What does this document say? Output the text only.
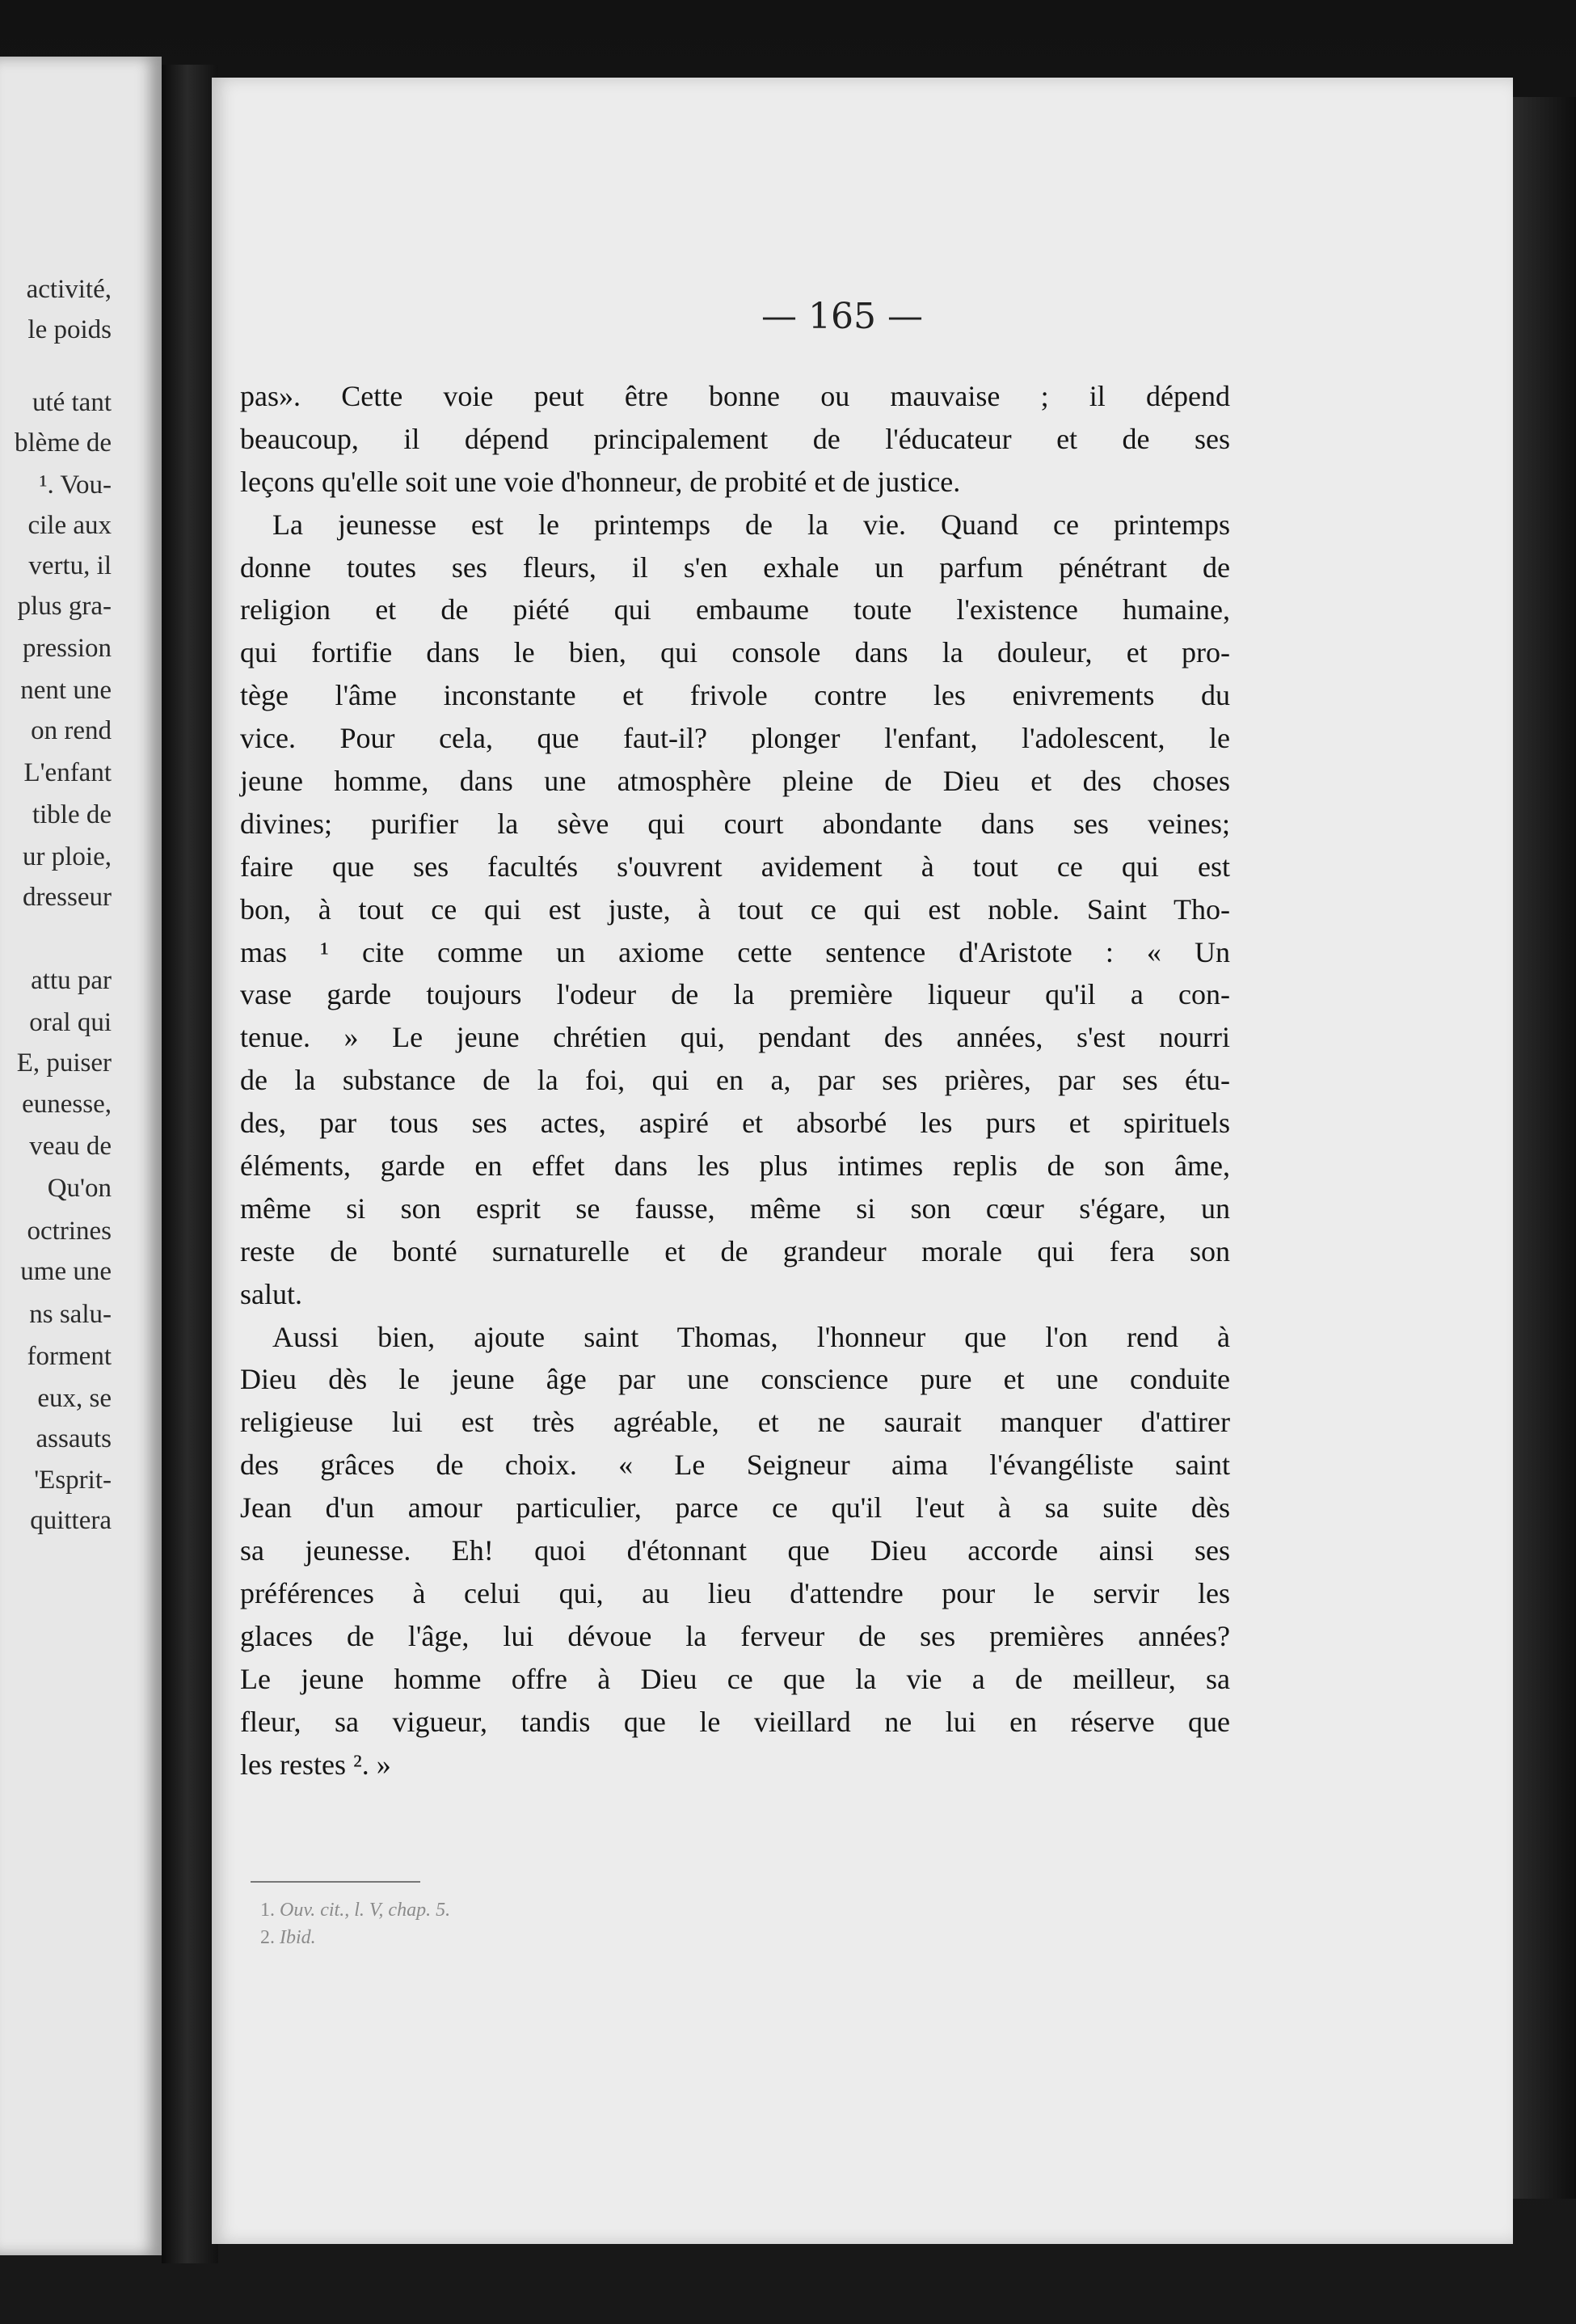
activité,
le poids
uté tant
blème de
¹. Vou-
cile aux
vertu, il
plus gra-
pression
nent une
on rend
L'enfant
tible de
ur ploie,
dresseur
attu par
oral qui
E, puiser
eunesse,
veau de
Qu'on
octrines
ume une
ns salu-
forment
eux, se
assauts
'Esprit-
quittera
— 165 —
pas». Cette voie peut être bonne ou mauvaise ; il dépend
beaucoup, il dépend principalement de l'éducateur et de ses
leçons qu'elle soit une voie d'honneur, de probité et de justice.
La jeunesse est le printemps de la vie. Quand ce printemps
donne toutes ses fleurs, il s'en exhale un parfum pénétrant de
religion et de piété qui embaume toute l'existence humaine,
qui fortifie dans le bien, qui console dans la douleur, et pro-
tège l'âme inconstante et frivole contre les enivrements du
vice. Pour cela, que faut-il? plonger l'enfant, l'adolescent, le
jeune homme, dans une atmosphère pleine de Dieu et des choses
divines; purifier la sève qui court abondante dans ses veines;
faire que ses facultés s'ouvrent avidement à tout ce qui est
bon, à tout ce qui est juste, à tout ce qui est noble. Saint Tho-
mas ¹ cite comme un axiome cette sentence d'Aristote : « Un
vase garde toujours l'odeur de la première liqueur qu'il a con-
tenue. » Le jeune chrétien qui, pendant des années, s'est nourri
de la substance de la foi, qui en a, par ses prières, par ses étu-
des, par tous ses actes, aspiré et absorbé les purs et spirituels
éléments, garde en effet dans les plus intimes replis de son âme,
même si son esprit se fausse, même si son cœur s'égare, un
reste de bonté surnaturelle et de grandeur morale qui fera son
salut.
Aussi bien, ajoute saint Thomas, l'honneur que l'on rend à
Dieu dès le jeune âge par une conscience pure et une conduite
religieuse lui est très agréable, et ne saurait manquer d'attirer
des grâces de choix. « Le Seigneur aima l'évangéliste saint
Jean d'un amour particulier, parce ce qu'il l'eut à sa suite dès
sa jeunesse. Eh! quoi d'étonnant que Dieu accorde ainsi ses
préférences à celui qui, au lieu d'attendre pour le servir les
glaces de l'âge, lui dévoue la ferveur de ses premières années?
Le jeune homme offre à Dieu ce que la vie a de meilleur, sa
fleur, sa vigueur, tandis que le vieillard ne lui en réserve que
les restes ². »
1. Ouv. cit., l. V, chap. 5.
2. Ibid.
